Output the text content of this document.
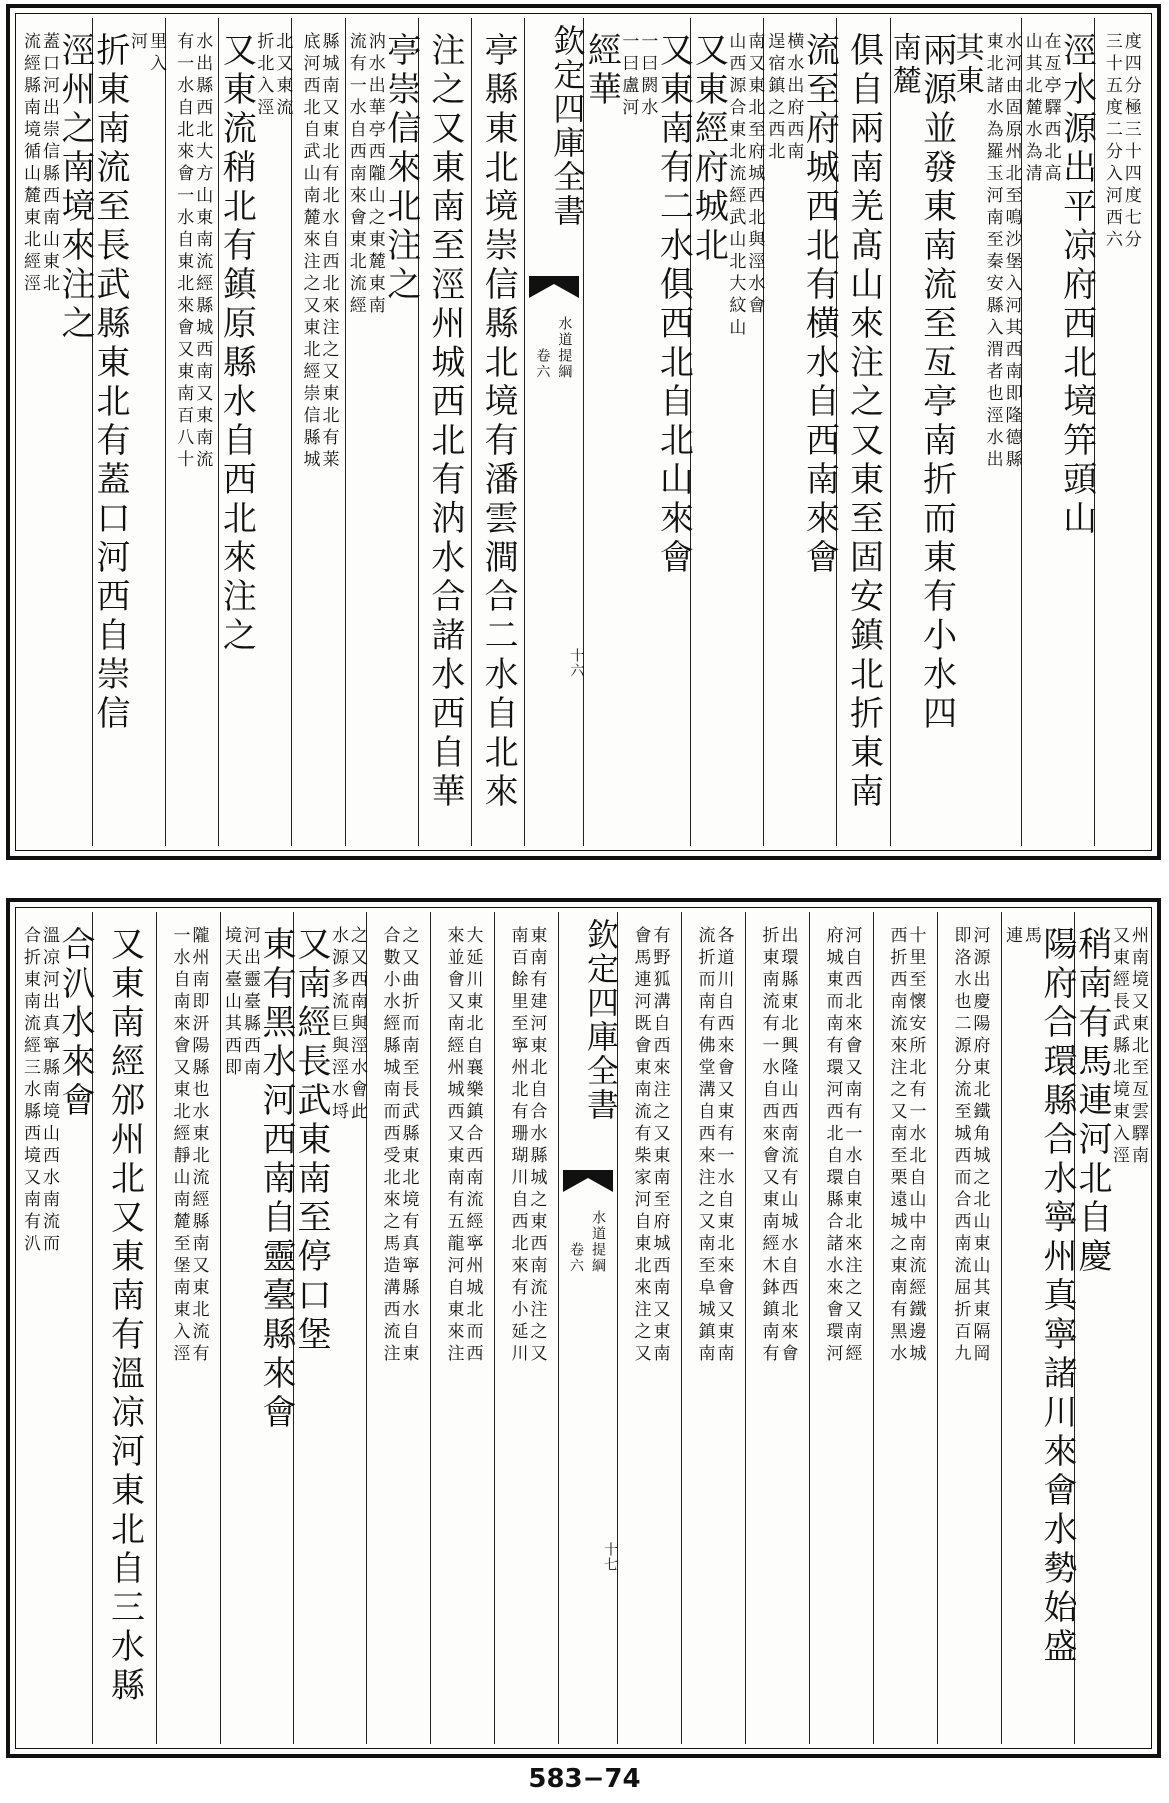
度四分極三十四度七分
三十五度二分入河西六
涇水源出平凉府西北境笄頭山
在亙亭驛西北高
山其北麓水為清
水河由固原州北至鳴沙堡入河其西南即隆德縣
東北諸水為羅玉河南至秦安縣入渭者也涇水出
其東
兩源並發東南流至亙亭南折而東有小水四
南麓
俱自兩南羌髙山來注之又東至固安鎮北折東南
流至府城西北有横水自西南來會
横水出府西南
逞宿鎮之西北
南又東北至府城西北與涇水會
山西源合東北流經武山北大紋山
又東經府城北
又東南有二水俱西北自北山來會
一曰閼水
一曰盧河
經華
欽定四庫全書
水道提綱
卷六
十六
亭縣東北境崇信縣北境有潘雲澗合二水自北來
注之又東南至涇州城西北有汭水合諸水西自華
亭崇信來北注之
汭水出華亭西隴山之東麓東南
流有一水自西南來會東北流經
縣城南又東北有北水自西北來注之又東北有莱
底河西北自武山南麓來注之又東北經崇信縣城
北又東流
折北入涇
又東流稍北有鎮原縣水自西北來注之
水出縣西北大方山東南流經縣城西南又東南流
有一水自北來會一水自東北來會又東南百八十
里入
河
折東南流至長武縣東北有蓋口河西自崇信
涇州之南境來注之
蓋口河出崇信縣西南山東北
流經縣南境循山麓東北經涇
州南境又東北至亙雲驛南
又東經長武縣北境東入涇
稍南有馬連河北自慶
陽府合環縣合水寧州真寧諸川來會水勢始盛
馬
連
河源出慶陽府東北鐵角城之北山東山其東隔岡
即洛水也二源分流至城西而合西南流屈折百九
十里至懷安所北有一水北自山中南流經鐵邊城
西折西南流來注之又南至栗遠城之東南有黑水
河自西北來會又南有一水自東北來注之又南經
府城東而南有環河西北自環縣合諸水來會環河
出環縣東北興隆山西南流有山城水自西北來會
折東南流有一水自西來會又東南經木鉢鎮南有
各道川自西來會又東有一水自東北來會又東南
流折而南有佛堂溝自西來注之又南至阜城鎮南
有野狐溝自西來注之又東南至府城西南又東南
會馬連河既會東南流有柴家河自東北來注之又
欽定四庫全書
水道提綱
卷六
十七
東南有建河東北自合水縣城之東西南流注之又
南百餘里至寧州北有珊瑚川自西北來有小延川
大延川東北自襄樂鎮合西南流經寧州城北而西
來並會又南經州城西又東南有五龍河自東來注
之又曲折而南至長武縣東北境有真寧縣水自東
合數小水經縣城南而西受北來之馬造溝西流注
之又西南與涇水會此
水源多流巨與涇水埒
又南經長武東南至停口堡
東有黑水河西南自靈臺縣來會
河出靈臺縣西南
境天臺山其西即
隴州南即汧陽縣也水東北流經縣南又東北流有
一水自南來會又東北經靜山南麓至堡南東入涇
又東南經邠州北又東南有溫凉河東北自三水縣
合汃水來會
溫凉河出真寧縣南境山西水南流而
合折東南流經三水縣西境又南有汃
583−74
